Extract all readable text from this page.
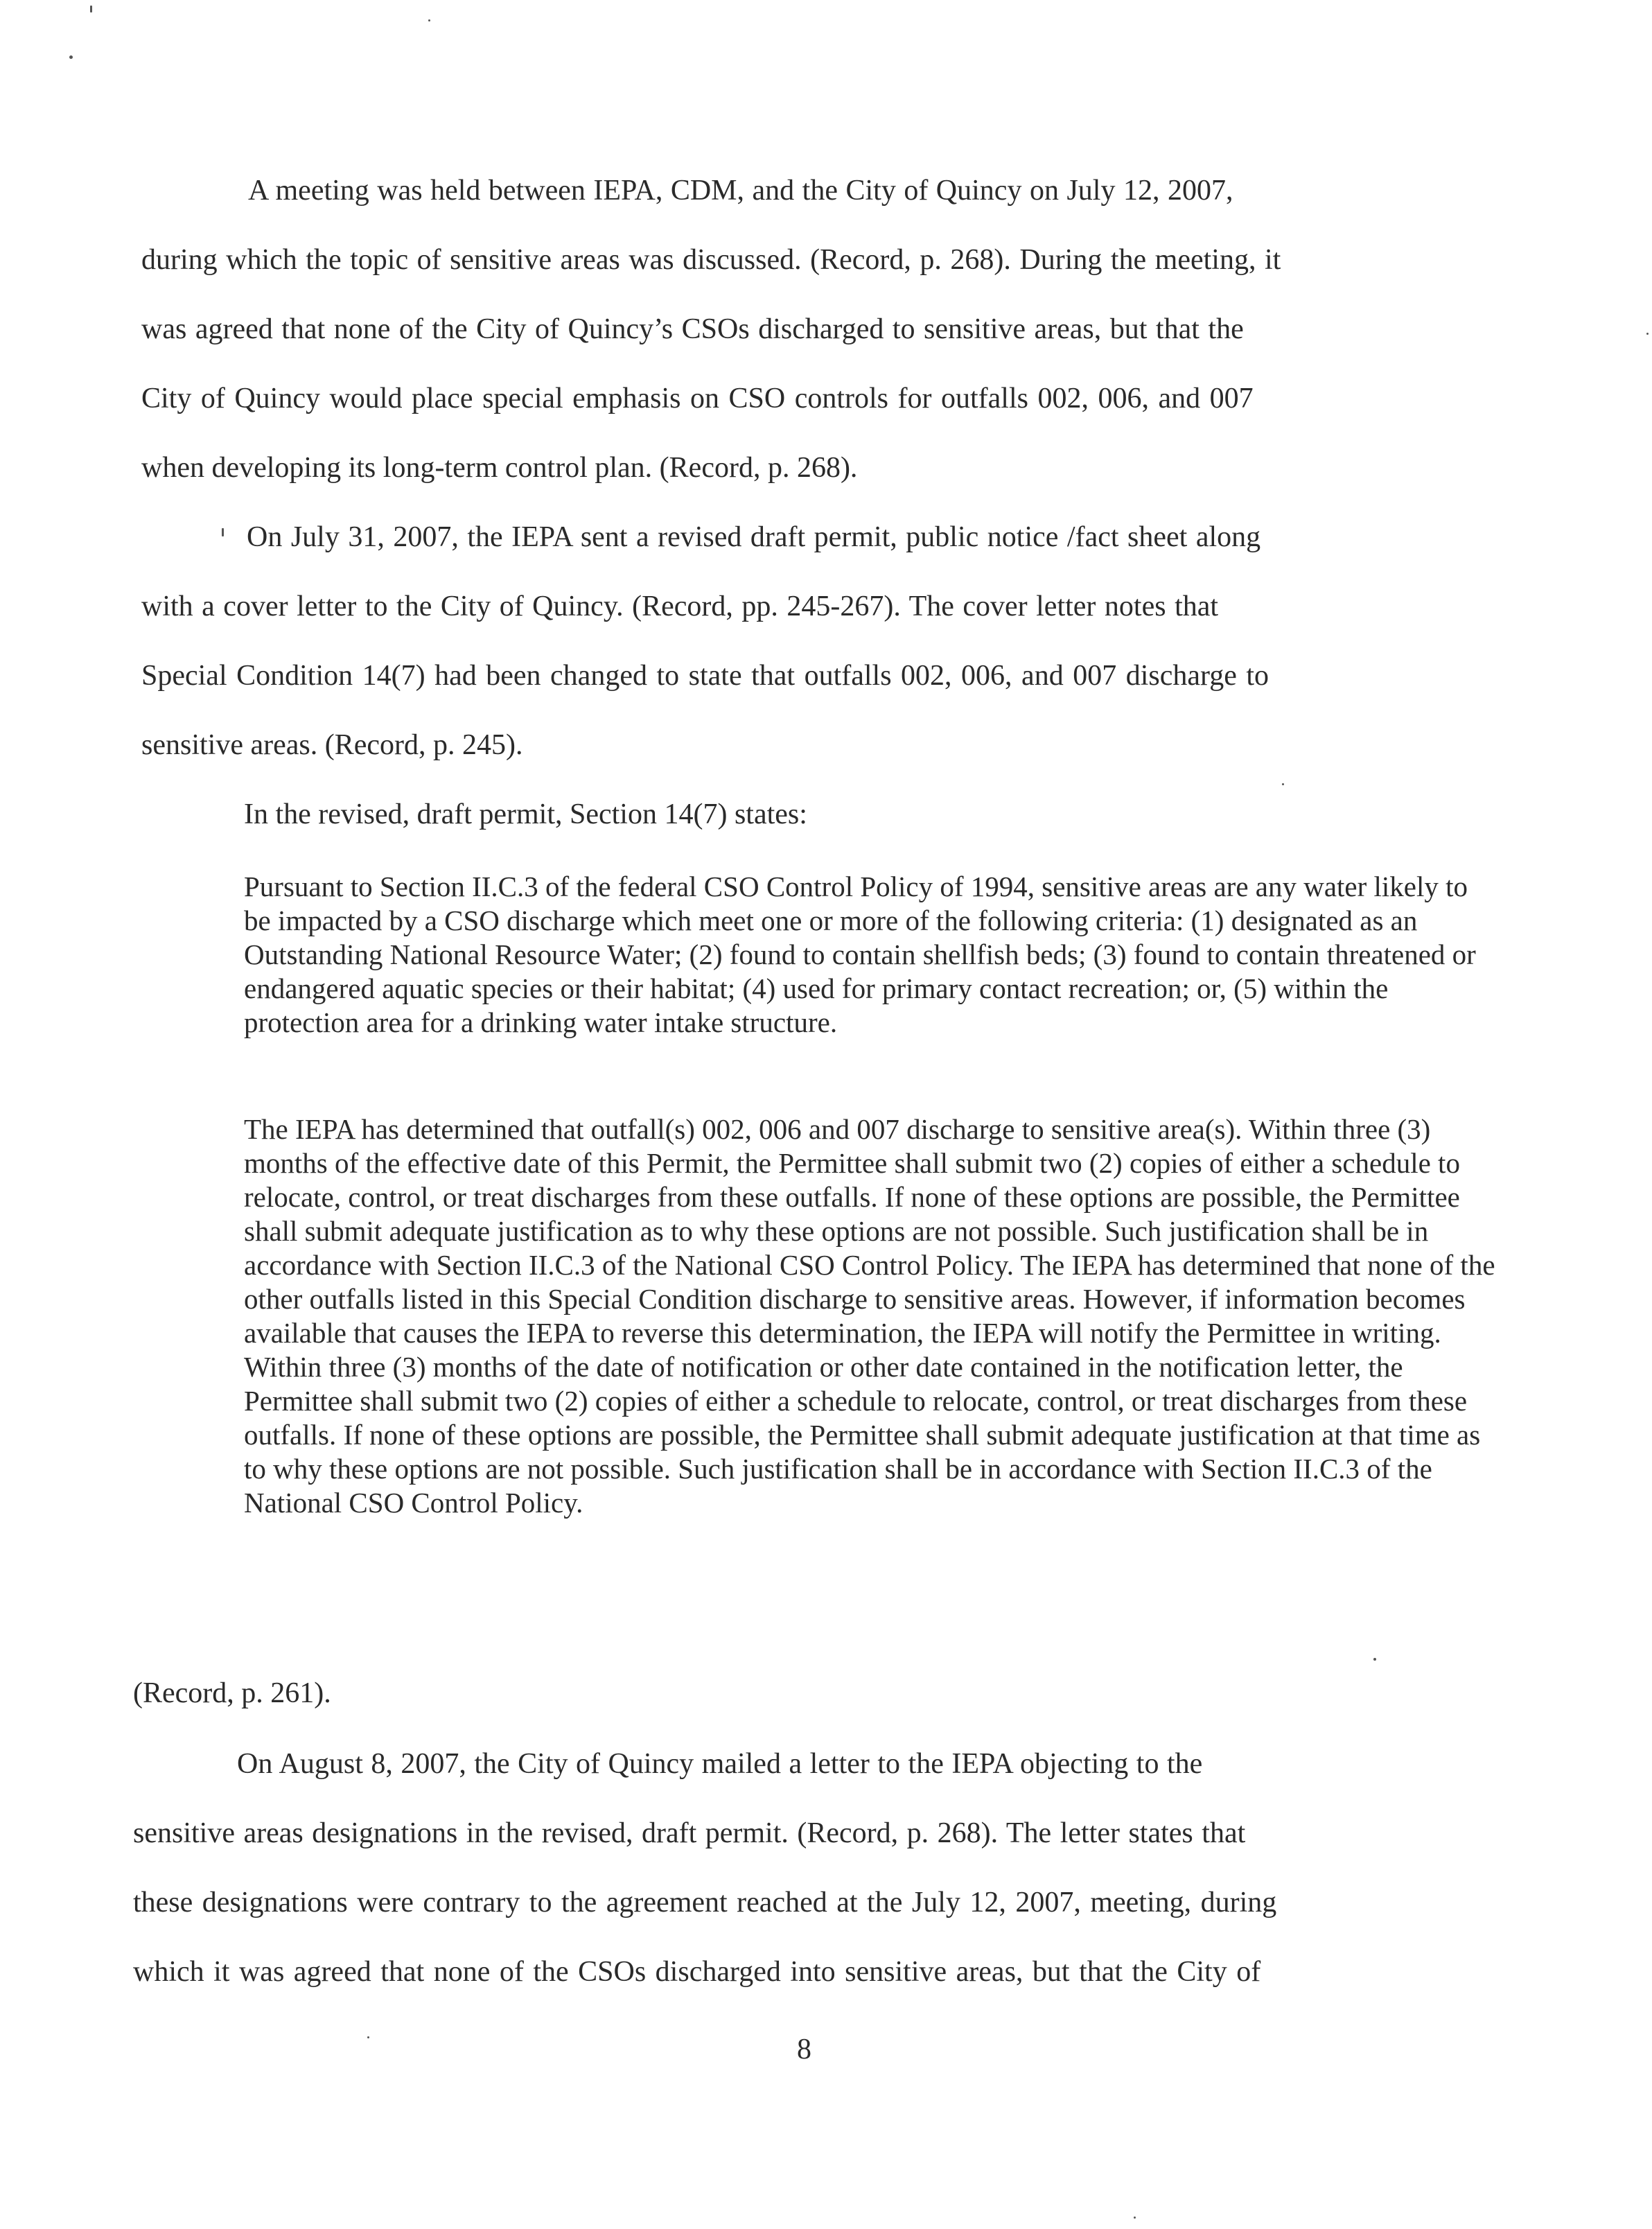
A meeting was held between IEPA, CDM, and the City of Quincy on July 12, 2007,
during which the topic of sensitive areas was discussed. (Record, p. 268). During the meeting, it
was agreed that none of the City of Quincy’s CSOs discharged to sensitive areas, but that the
City of Quincy would place special emphasis on CSO controls for outfalls 002, 006, and 007
when developing its long-term control plan. (Record, p. 268).
On July 31, 2007, the IEPA sent a revised draft permit, public notice /fact sheet along
with a cover letter to the City of Quincy. (Record, pp. 245-267). The cover letter notes that
Special Condition 14(7) had been changed to state that outfalls 002, 006, and 007 discharge to
sensitive areas. (Record, p. 245).
In the revised, draft permit, Section 14(7) states:
Pursuant to Section II.C.3 of the federal CSO Control Policy of 1994, sensitive areas are any water likely to be impacted by a CSO discharge which meet one or more of the following criteria: (1) designated as an Outstanding National Resource Water; (2) found to contain shellfish beds; (3) found to contain threatened or endangered aquatic species or their habitat; (4) used for primary contact recreation; or, (5) within the protection area for a drinking water intake structure.
The IEPA has determined that outfall(s) 002, 006 and 007 discharge to sensitive area(s). Within three (3) months of the effective date of this Permit, the Permittee shall submit two (2) copies of either a schedule to relocate, control, or treat discharges from these outfalls. If none of these options are possible, the Permittee shall submit adequate justification as to why these options are not possible. Such justification shall be in accordance with Section II.C.3 of the National CSO Control Policy. The IEPA has determined that none of the other outfalls listed in this Special Condition discharge to sensitive areas. However, if information becomes available that causes the IEPA to reverse this determination, the IEPA will notify the Permittee in writing. Within three (3) months of the date of notification or other date contained in the notification letter, the Permittee shall submit two (2) copies of either a schedule to relocate, control, or treat discharges from these outfalls. If none of these options are possible, the Permittee shall submit adequate justification at that time as to why these options are not possible. Such justification shall be in accordance with Section II.C.3 of the National CSO Control Policy.
(Record, p. 261).
On August 8, 2007, the City of Quincy mailed a letter to the IEPA objecting to the
sensitive areas designations in the revised, draft permit. (Record, p. 268). The letter states that
these designations were contrary to the agreement reached at the July 12, 2007, meeting, during
which it was agreed that none of the CSOs discharged into sensitive areas, but that the City of
8
